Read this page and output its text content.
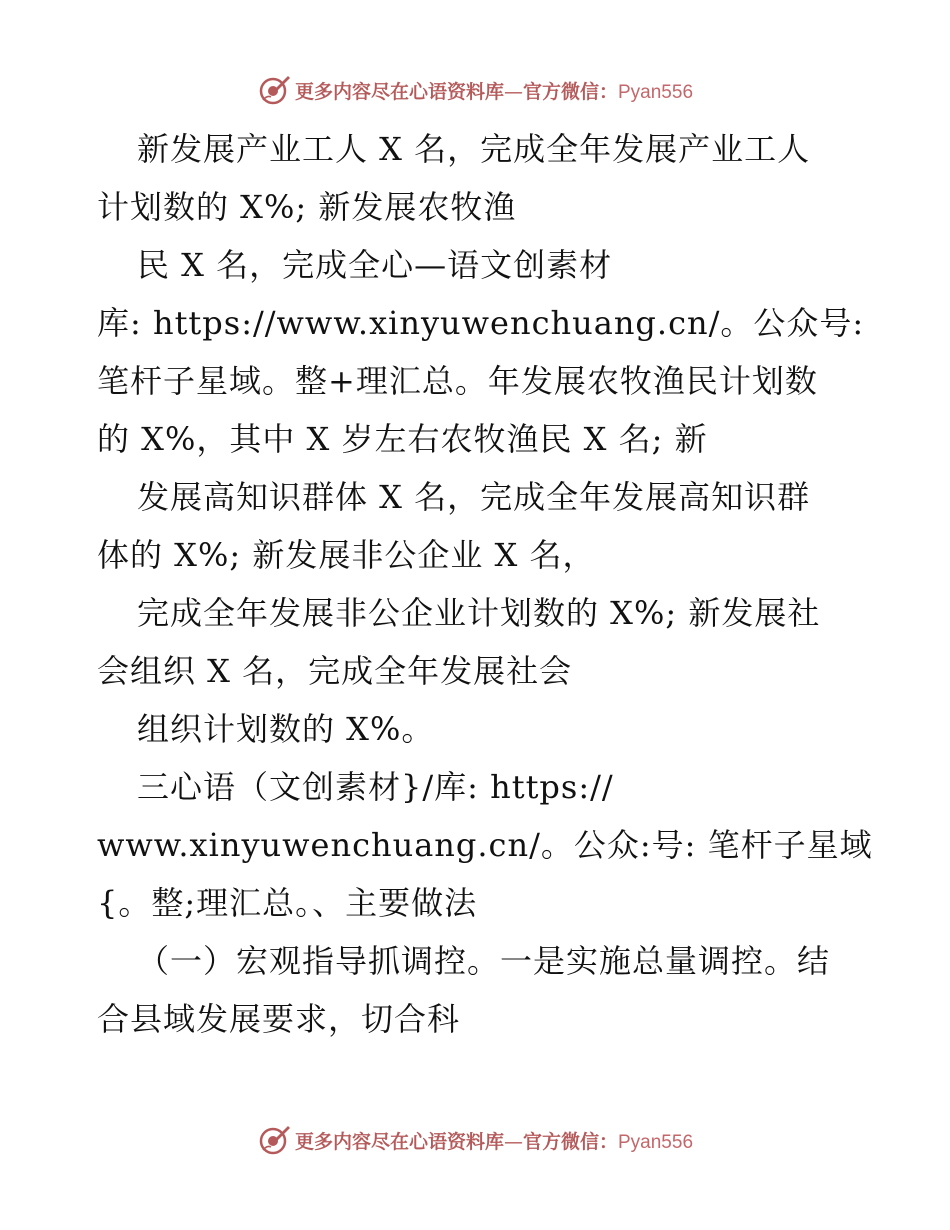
更多内容尽在心语资料库—官方微信：Pyan556
新发展产业工人 X 名，完成全年发展产业工人
计划数的 X%; 新发展农牧渔
民 X 名，完成全心—语文创素材
库: https://www.xinyuwenchuang.cn/。公众号:
笔杆子星域。整+理汇总。年发展农牧渔民计划数
的 X%，其中 X 岁左右农牧渔民 X 名; 新
发展高知识群体 X 名，完成全年发展高知识群
体的 X%; 新发展非公企业 X 名，
完成全年发展非公企业计划数的 X%; 新发展社
会组织 X 名，完成全年发展社会
组织计划数的 X%。
三心语（文创素材}/库: https://
www.xinyuwenchuang.cn/。公众:号: 笔杆子星域
{。整;理汇总。、主要做法
（一）宏观指导抓调控。一是实施总量调控。结
合县域发展要求，切合科
更多内容尽在心语资料库—官方微信：Pyan556
